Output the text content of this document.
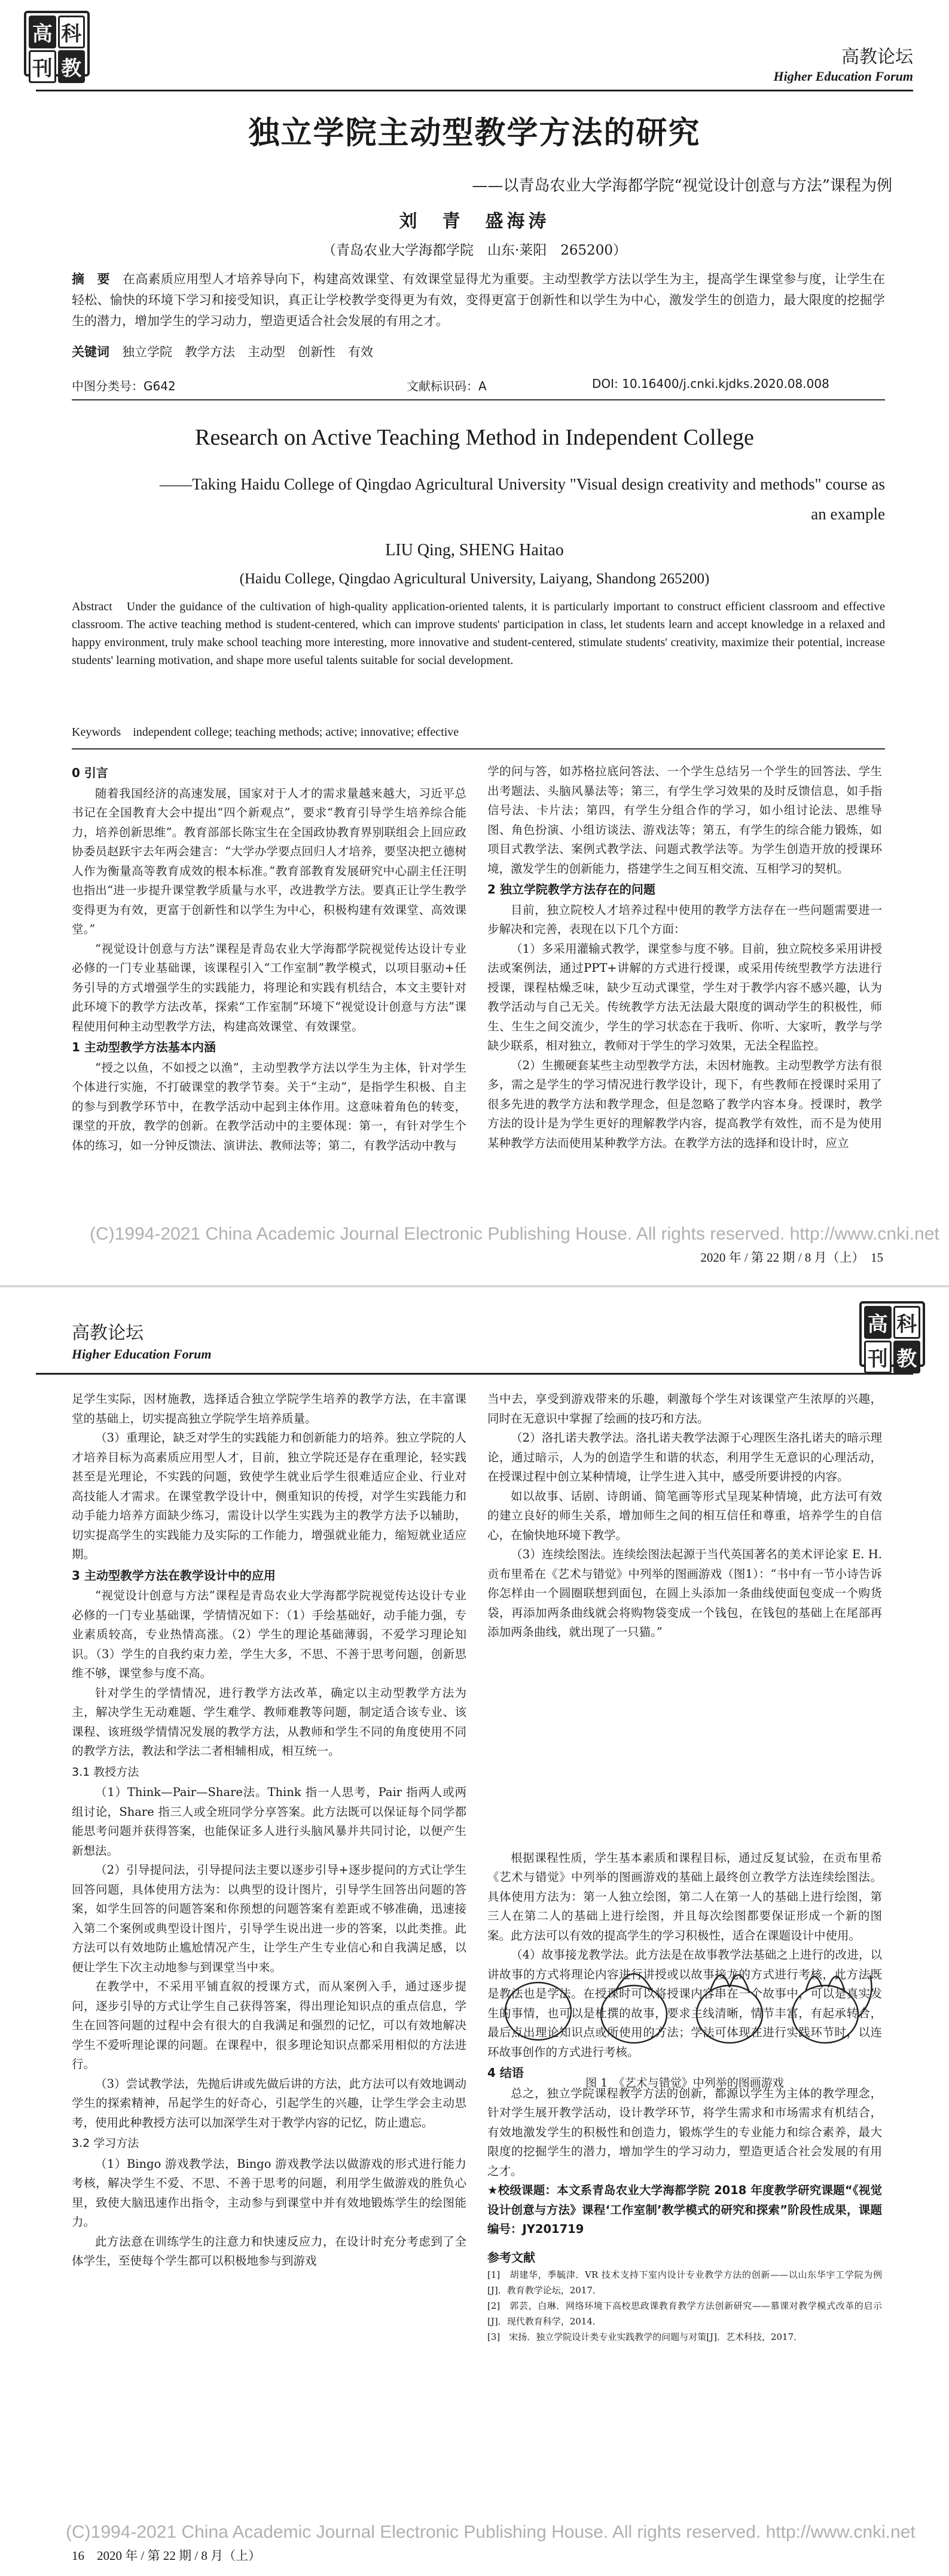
高 科
刊 教	高教论坛
Higher Education Forum
独立学院主动型教学方法的研究
——以青岛农业大学海都学院“视觉设计创意与方法”课程为例
刘　青　盛海涛
（青岛农业大学海都学院　山东·莱阳　265200）
摘　要　 在高素质应用型人才培养导向下，构建高效课堂、有效课堂显得尤为重要。主动型教学方法以学生为主，提高学生课堂参与度，让学生在轻松、愉快的环境下学习和接受知识，真正让学校教学变得更为有效，变得更富于创新性和以学生为中心，激发学生的创造力，最大限度的挖掘学生的潜力，增加学生的学习动力，塑造更适合社会发展的有用之才。
关键词　 独立学院　教学方法　主动型　创新性　有效
中图分类号：G642	文献标识码：A	DOI: 10.16400/j.cnki.kjdks.2020.08.008
Research on Active Teaching Method in Independent College
——Taking Haidu College of Qingdao Agricultural University "Visual design creativity and methods" course as an example
LIU Qing, SHENG Haitao
(Haidu College, Qingdao Agricultural University, Laiyang, Shandong 265200)
Abstract　Under the guidance of the cultivation of high-quality application-oriented talents, it is particularly important to construct efficient classroom and effective classroom. The active teaching method is student-centered, which can improve students' participation in class, let students learn and accept knowledge in a relaxed and happy environment, truly make school teaching more interesting, more innovative and student-centered, stimulate students' creativity, maximize their potential, increase students' learning motivation, and shape more useful talents suitable for social development.
Keywords　independent college; teaching methods; active; innovative; effective

0 引言

随着我国经济的高速发展，国家对于人才的需求量越来越大，习近平总书记在全国教育大会中提出“四个新观点”，要求“教育引导学生培养综合能力，培养创新思维”。教育部部长陈宝生在全国政协教育界别联组会上回应政协委员赵跃宇去年两会建言：“大学办学要点回归人才培养，要坚决把立德树人作为衡量高等教育成效的根本标准。”教育部教育发展研究中心副主任汪明也指出“进一步提升课堂教学质量与水平，改进教学方法。要真正让学生教学变得更为有效，更富于创新性和以学生为中心，积极构建有效课堂、高效课堂。”

“视觉设计创意与方法”课程是青岛农业大学海都学院视觉传达设计专业必修的一门专业基础课，该课程引入“工作室制”教学模式，以项目驱动+任务引导的方式增强学生的实践能力，将理论和实践有机结合，本文主要针对此环境下的教学方法改革，探索“工作室制”环境下“视觉设计创意与方法”课程使用何种主动型教学方法，构建高效课堂、有效课堂。

1 主动型教学方法基本内涵

“授之以鱼，不如授之以渔”，主动型教学方法以学生为主体，针对学生个体进行实施，不打破课堂的教学节奏。关于“主动”，是指学生积极、自主的参与到教学环节中，在教学活动中起到主体作用。这意味着角色的转变，课堂的开放，教学的创新。在教学活动中的主要体现：第一，有针对学生个体的练习，如一分钟反馈法、演讲法、教师法等；第二，有教学活动中教与

学的问与答，如苏格拉底问答法、一个学生总结另一个学生的回答法、学生出考题法、头脑风暴法等；第三，有学生学习效果的及时反馈信息，如手指信号法、卡片法；第四，有学生分组合作的学习，如小组讨论法、思维导图、角色扮演、小组访谈法、游戏法等；第五，有学生的综合能力锻炼，如项目式教学法、案例式教学法、问题式教学法等。为学生创造开放的授课环境，激发学生的创新能力，搭建学生之间互相交流、互相学习的契机。

2 独立学院教学方法存在的问题

目前，独立院校人才培养过程中使用的教学方法存在一些问题需要进一步解决和完善，表现在以下几个方面：

（1）多采用灌输式教学，课堂参与度不够。目前，独立院校多采用讲授法或案例法，通过PPT+讲解的方式进行授课，或采用传统型教学方法进行授课，课程枯燥乏味，缺少互动式课堂，学生对于教学内容不感兴趣，认为教学活动与自己无关。传统教学方法无法最大限度的调动学生的积极性，师生、生生之间交流少，学生的学习状态在于我听、你听、大家听，教学与学缺少联系，相对独立，教师对于学生的学习效果，无法全程监控。

（2）生搬硬套某些主动型教学方法，未因材施教。主动型教学方法有很多，需之是学生的学习情况进行教学设计，现下，有些教师在授课时采用了很多先进的教学方法和教学理念，但是忽略了教学内容本身。授课时，教学方法的设计是为学生更好的理解教学内容，提高教学有效性，而不是为使用某种教学方法而使用某种教学方法。在教学方法的选择和设计时，应立

(C)1994-2021 China Academic Journal Electronic Publishing House. All rights reserved. http://www.cnki.net
2020 年 / 第 22 期 / 8 月（上）　15
高教论坛
Higher Education Forum
高 科
刊 教

足学生实际，因材施教，选择适合独立学院学生培养的教学方法，在丰富课堂的基础上，切实提高独立学院学生培养质量。

（3）重理论，缺乏对学生的实践能力和创新能力的培养。独立学院的人才培养目标为高素质应用型人才，目前，独立学院还是存在重理论，轻实践甚至是光理论，不实践的问题，致使学生就业后学生很难适应企业、行业对高技能人才需求。在课堂教学设计中，侧重知识的传授，对学生实践能力和动手能力培养方面缺少练习，需设计以学生实践为主的教学方法予以辅助，切实提高学生的实践能力及实际的工作能力，增强就业能力，缩短就业适应期。

3 主动型教学方法在教学设计中的应用

“视觉设计创意与方法”课程是青岛农业大学海都学院视觉传达设计专业必修的一门专业基础课，学情情况如下：（1）手绘基础好，动手能力强，专业素质较高，专业热情高涨。（2）学生的理论基础薄弱，不爱学习理论知识。（3）学生的自我约束力差，学生大多，不思、不善于思考问题，创新思维不够，课堂参与度不高。

针对学生的学情情况，进行教学方法改革，确定以主动型教学方法为主，解决学生无动难题、学生难学、教师难教等问题，制定适合该专业、该课程、该班级学情情况发展的教学方法，从教师和学生不同的角度使用不同的教学方法，教法和学法二者相辅相成，相互统一。

3.1 教授方法

（1）Think—Pair—Share法。Think 指一人思考，Pair 指两人或两组讨论，Share 指三人或全班同学分享答案。此方法既可以保证每个同学都能思考问题并获得答案，也能保证多人进行头脑风暴并共同讨论，以便产生新想法。

（2）引导提问法，引导提问法主要以逐步引导+逐步提问的方式让学生回答问题，具体使用方法为：以典型的设计图片，引导学生回答出问题的答案，如学生回答的问题答案和你预想的问题答案有差距或不够准确，迅速接入第二个案例或典型设计图片，引导学生说出进一步的答案，以此类推。此方法可以有效地防止尴尬情况产生，让学生产生专业信心和自我满足感，以便让学生下次主动地参与到课堂当中来。

在教学中，不采用平铺直叙的授课方式，而从案例入手，通过逐步提问，逐步引导的方式让学生自己获得答案，得出理论知识点的重点信息，学生在回答问题的过程中会有很大的自我满足和强烈的记忆，可以有效地解决学生不爱听理论课的问题。在课程中，很多理论知识点都采用相似的方法进行。

（3）尝试教学法，先抛后讲或先做后讲的方法，此方法可以有效地调动学生的探索精神，吊起学生的好奇心，引起学生的兴趣，让学生学会主动思考，使用此种教授方法可以加深学生对于教学内容的记忆，防止遗忘。

3.2 学习方法

（1）Bingo 游戏教学法，Bingo 游戏教学法以做游戏的形式进行能力考核，解决学生不爱、不思、不善于思考的问题，利用学生做游戏的胜负心里，致使大脑迅速作出指令，主动参与到课堂中并有效地锻炼学生的绘图能力。

此方法意在训练学生的注意力和快速反应力，在设计时充分考虑到了全体学生，至使每个学生都可以积极地参与到游戏

当中去，享受到游戏带来的乐趣，刺激每个学生对该课堂产生浓厚的兴趣，同时在无意识中掌握了绘画的技巧和方法。

（2）洛扎诺夫教学法。洛扎诺夫教学法源于心理医生洛扎诺夫的暗示理论，通过暗示，人为的创造学生和谐的状态，利用学生无意识的心理活动，在授课过程中创立某种情境，让学生进入其中，感受所要讲授的内容。

如以故事、话剧、诗朗诵、简笔画等形式呈现某种情境，此方法可有效的建立良好的师生关系，增加师生之间的相互信任和尊重，培养学生的自信心，在愉快地环境下教学。

（3）连续绘图法。连续绘图法起源于当代英国著名的美术评论家 E. H. 贡布里希在《艺术与错觉》中列举的图画游戏（图1）：“书中有一节小诗告诉你怎样由一个圆圈联想到面包，在圆上头添加一条曲线使面包变成一个购货袋，再添加两条曲线就会将购物袋变成一个钱包，在钱包的基础上在尾部再添加两条曲线，就出现了一只猫。”

根据课程性质，学生基本素质和课程目标，通过反复试验，在贡布里希《艺术与错觉》中列举的图画游戏的基础上最终创立教学方法连续绘图法。具体使用方法为：第一人独立绘图，第二人在第一人的基础上进行绘图，第三人在第二人的基础上进行绘图，并且每次绘图都要保证形成一个新的图案。此方法可以有效的提高学生的学习积极性，适合在课题设计中使用。

（4）故事接龙教学法。此方法是在故事教学法基础之上进行的改进，以讲故事的方式将理论内容进行讲授或以故事接龙的方式进行考核，此方法既是教法也是学法。在授课时可以将授课内容串在一个故事中，可以是真实发生的事情，也可以是杜撰的故事，要求主线清晰，情节丰富，有起承转合，最后点出理论知识点或所使用的方法；学法可体现在进行实践环节时，以连环故事创作的方式进行考核。

4 结语

总之，独立学院课程教学方法的创新，都源以学生为主体的教学理念，针对学生展开教学活动，设计教学环节，将学生需求和市场需求有机结合，有效地激发学生的积极性和创造力，锻炼学生的专业能力和综合素养，最大限度的挖掘学生的潜力，增加学生的学习动力，塑造更适合社会发展的有用之才。

★校级课题：本文系青岛农业大学海都学院 2018 年度教学研究课题“《视觉设计创意与方法》课程‘工作室制’教学模式的研究和探索”阶段性成果，课题编号：JY201719

参考文献

[1]　胡建华，季毓津．VR 技术支持下室内设计专业教学方法的创新——以山东华宇工学院为例[J]．教育教学论坛，2017．

[2]　郭芸，白琳．网络环境下高校思政课教育教学方法创新研究——慕课对教学模式改革的启示[J]．现代教育科学，2014．

[3]　宋扬．独立学院设计类专业实践教学的问题与对策[J]．艺术科技，2017．

图 1　《艺术与错觉》中列举的图画游戏
(C)1994-2021 China Academic Journal Electronic Publishing House. All rights reserved. http://www.cnki.net
16　2020 年 / 第 22 期 / 8 月（上）
